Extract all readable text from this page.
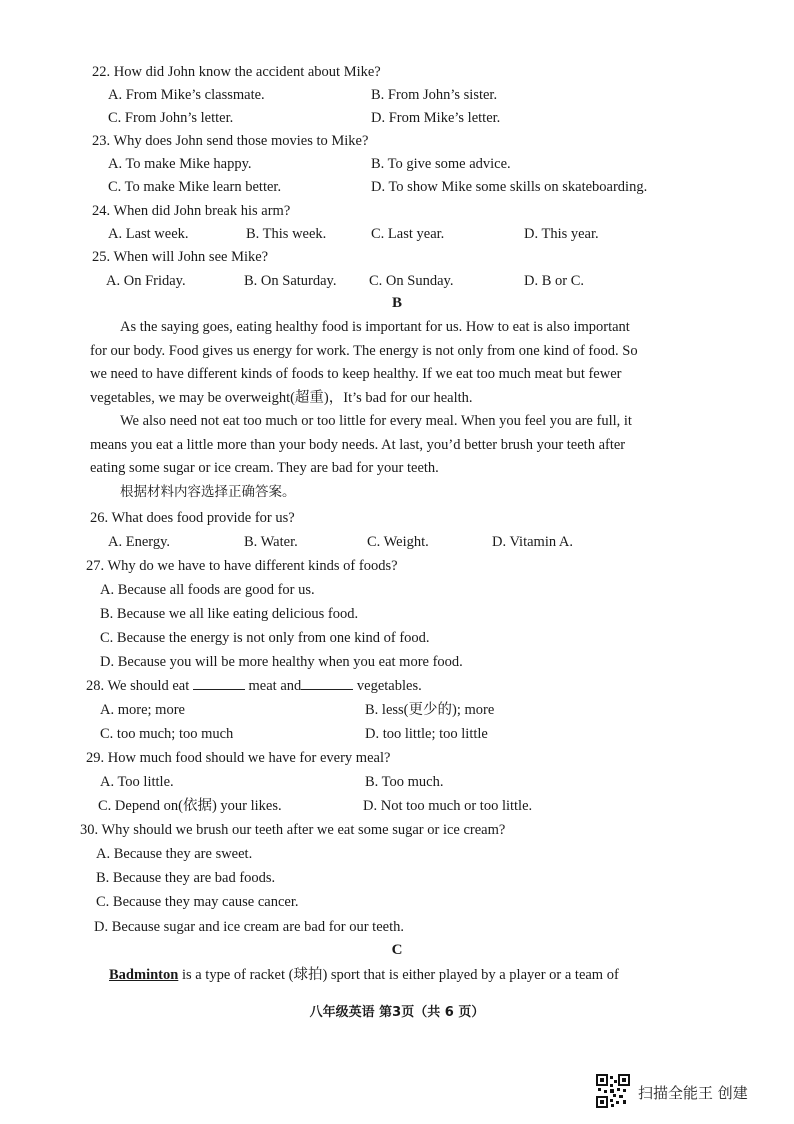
22. How did John know the accident about Mike?
A. From Mike’s classmate.	B. From John’s sister.
C. From John’s letter.	D. From Mike’s letter.
23. Why does John send those movies to Mike?
A. To make Mike happy.	B. To give some advice.
C. To make Mike learn better.	D. To show Mike some skills on skateboarding.
24. When did John break his arm?
A. Last week.	B. This week.	C. Last year.	D. This year.
25. When will John see Mike?
A. On Friday.	B. On Saturday. C. On Sunday.	D. B or C.
B
As the saying goes, eating healthy food is important for us. How to eat is also important
for our body. Food gives us energy for work. The energy is not only from one kind of food. So
we need to have different kinds of foods to keep healthy. If we eat too much meat but fewer
vegetables, we may be overweight(超重)，It’s bad for our health.
We also need not eat too much or too little for every meal. When you feel you are full, it
means you eat a little more than your body needs. At last, you’d better brush your teeth after
eating some sugar or ice cream. They are bad for your teeth.
根据材料内容选择正确答案。
26. What does food provide for us?
A. Energy.	B. Water.	C. Weight.	D. Vitamin A.
27. Why do we have to have different kinds of foods?
A. Because all foods are good for us.
B. Because we all like eating delicious food.
C. Because the energy is not only from one kind of food.
D. Because you will be more healthy when you eat more food.
28. We should eat	meat and	vegetables.
A. more; more	B. less(更少的); more
C. too much; too much	D. too little; too little
29. How much food should we have for every meal?
A. Too little.	B. Too much.
C. Depend on(依据) your likes.	D. Not too much or too little.
30. Why should we brush our teeth after we eat some sugar or ice cream?
A. Because they are sweet.
B. Because they are bad foods.
C. Because they may cause cancer.
D. Because sugar and ice cream are bad for our teeth.
C
Badminton is a type of racket (球拍) sport that is either played by a player or a team of
八年级英语 第3页（共 6 页）
扫描全能王 创建
